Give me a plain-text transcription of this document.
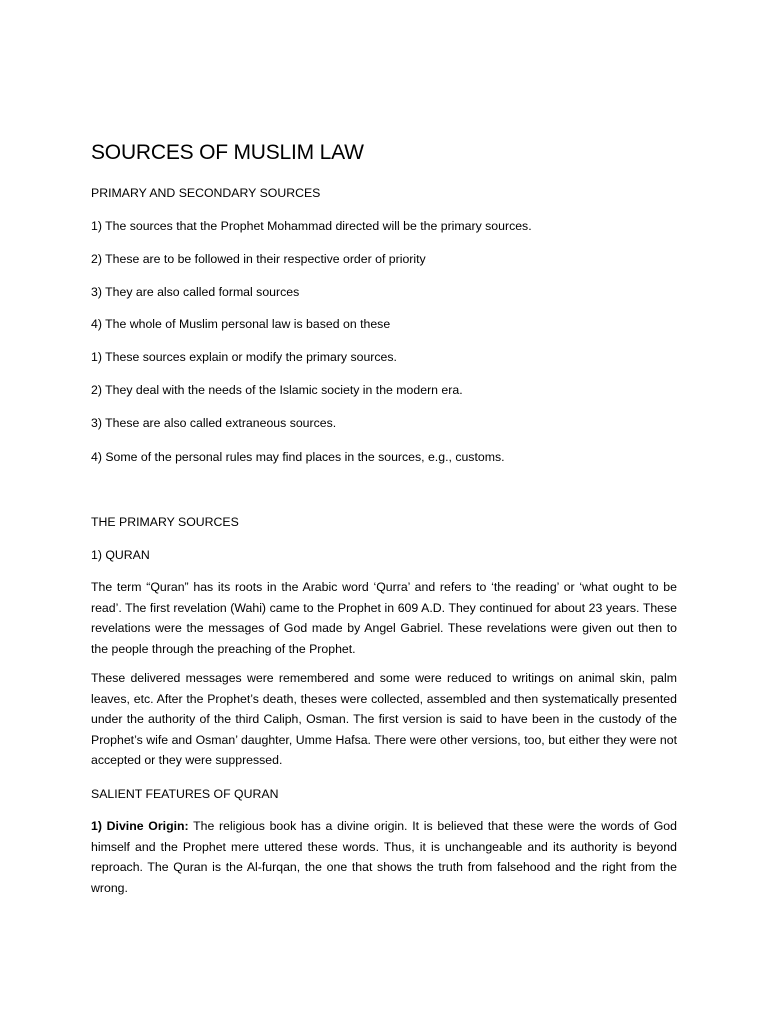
SOURCES OF MUSLIM LAW

PRIMARY AND SECONDARY SOURCES

1) The sources that the Prophet Mohammad directed will be the primary sources.

2) These are to be followed in their respective order of priority

3) They are also called formal sources

4) The whole of Muslim personal law is based on these

1) These sources explain or modify the primary sources.

2) They deal with the needs of the Islamic society in the modern era.

3) These are also called extraneous sources.

4) Some of the personal rules may find places in the sources, e.g., customs.

THE PRIMARY SOURCES

1) QURAN

The term “Quran” has its roots in the Arabic word ‘Qurra’ and refers to ‘the reading’ or ‘what ought to be read’. The first revelation (Wahi) came to the Prophet in 609 A.D. They continued for about 23 years. These revelations were the messages of God made by Angel Gabriel. These revelations were given out then to the people through the preaching of the Prophet.

These delivered messages were remembered and some were reduced to writings on animal skin, palm leaves, etc. After the Prophet’s death, theses were collected, assembled and then systematically presented under the authority of the third Caliph, Osman. The first version is said to have been in the custody of the Prophet’s wife and Osman’ daughter, Umme Hafsa. There were other versions, too, but either they were not accepted or they were suppressed.

SALIENT FEATURES OF QURAN

1) Divine Origin: The religious book has a divine origin. It is believed that these were the words of God himself and the Prophet mere uttered these words. Thus, it is unchangeable and its authority is beyond reproach. The Quran is the Al-furqan, the one that shows the truth from falsehood and the right from the wrong.
